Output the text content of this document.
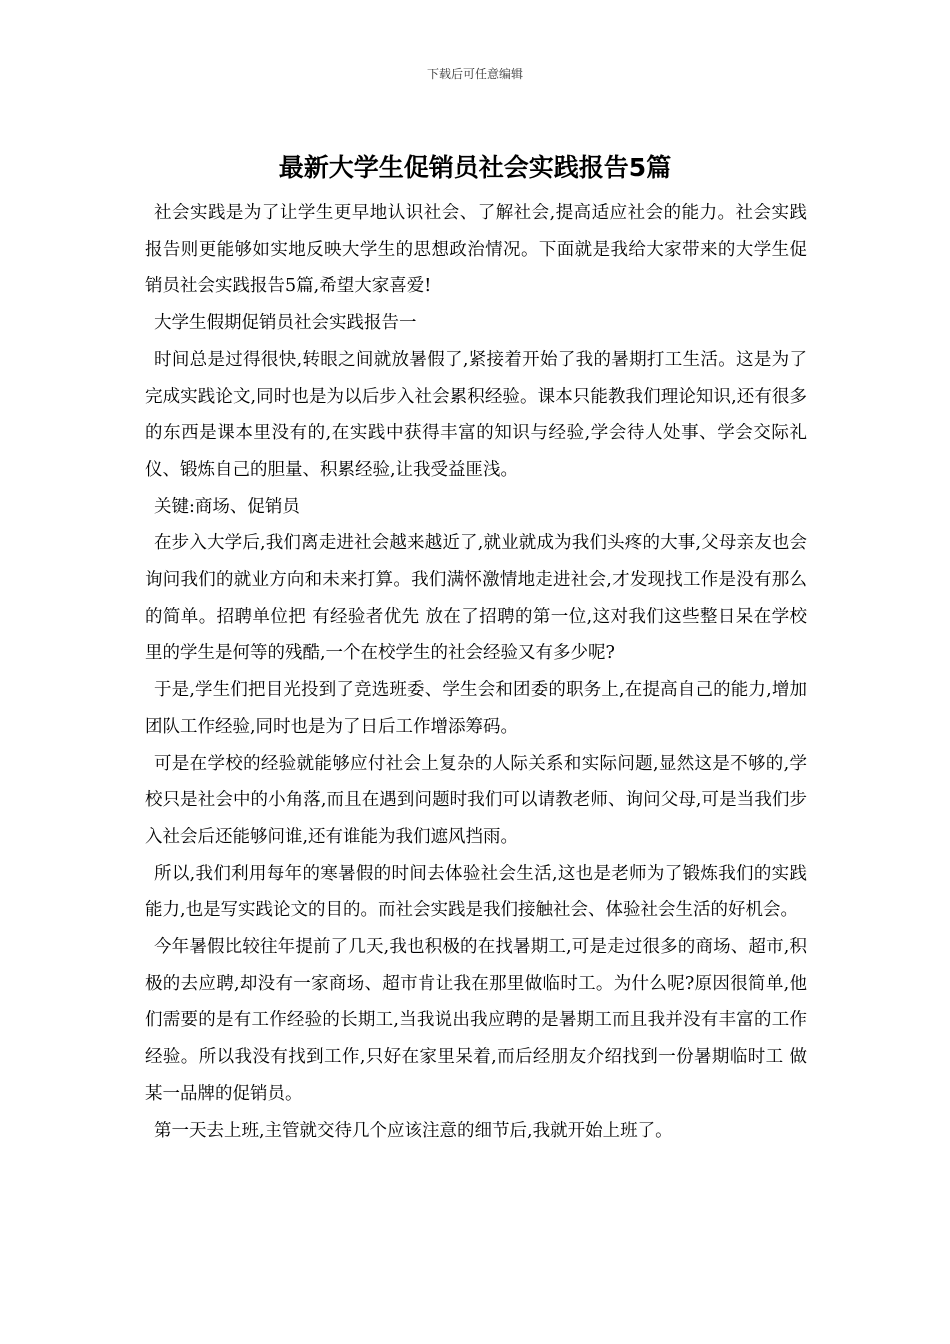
下载后可任意编辑
最新大学生促销员社会实践报告5篇

社会实践是为了让学生更早地认识社会、了解社会,提高适应社会的能力。社会实践报告则更能够如实地反映大学生的思想政治情况。下面就是我给大家带来的大学生促销员社会实践报告5篇,希望大家喜爱!

大学生假期促销员社会实践报告一

时间总是过得很快,转眼之间就放暑假了,紧接着开始了我的暑期打工生活。这是为了完成实践论文,同时也是为以后步入社会累积经验。课本只能教我们理论知识,还有很多的东西是课本里没有的,在实践中获得丰富的知识与经验,学会待人处事、学会交际礼仪、锻炼自己的胆量、积累经验,让我受益匪浅。

关键:商场、促销员

在步入大学后,我们离走进社会越来越近了,就业就成为我们头疼的大事,父母亲友也会询问我们的就业方向和未来打算。我们满怀激情地走进社会,才发现找工作是没有那么的简单。招聘单位把 有经验者优先 放在了招聘的第一位,这对我们这些整日呆在学校里的学生是何等的残酷,一个在校学生的社会经验又有多少呢?

于是,学生们把目光投到了竞选班委、学生会和团委的职务上,在提高自己的能力,增加团队工作经验,同时也是为了日后工作增添筹码。

可是在学校的经验就能够应付社会上复杂的人际关系和实际问题,显然这是不够的,学校只是社会中的小角落,而且在遇到问题时我们可以请教老师、询问父母,可是当我们步入社会后还能够问谁,还有谁能为我们遮风挡雨。

所以,我们利用每年的寒暑假的时间去体验社会生活,这也是老师为了锻炼我们的实践能力,也是写实践论文的目的。而社会实践是我们接触社会、体验社会生活的好机会。

今年暑假比较往年提前了几天,我也积极的在找暑期工,可是走过很多的商场、超市,积极的去应聘,却没有一家商场、超市肯让我在那里做临时工。为什么呢?原因很简单,他们需要的是有工作经验的长期工,当我说出我应聘的是暑期工而且我并没有丰富的工作经验。所以我没有找到工作,只好在家里呆着,而后经朋友介绍找到一份暑期临时工 做某一品牌的促销员。

第一天去上班,主管就交待几个应该注意的细节后,我就开始上班了。
